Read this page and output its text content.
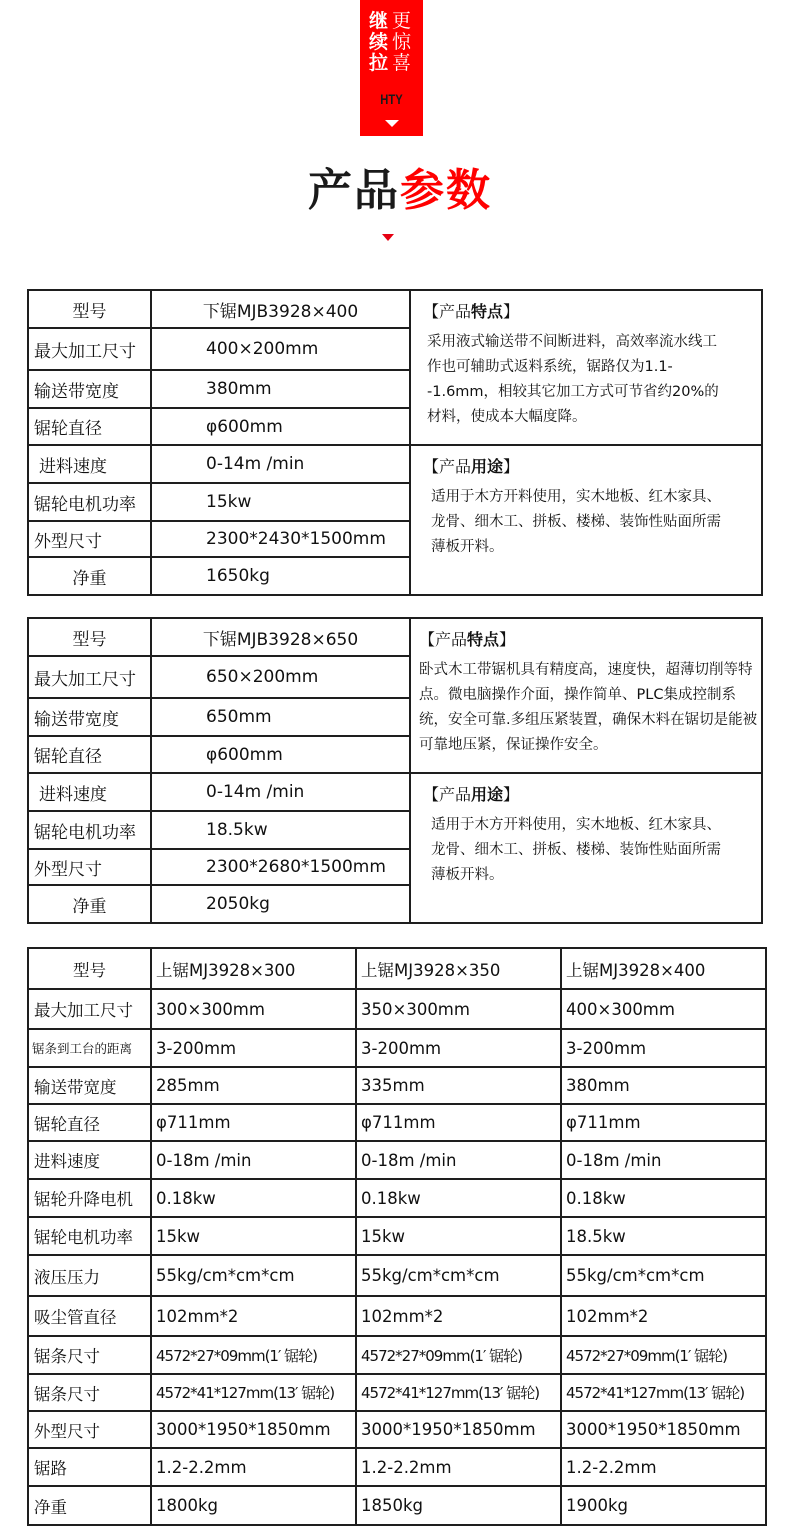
继 更
续 惊
拉 喜
HTY
产品参数
型号	下锯MJB3928×400	【产品特点】
采用液式输送带不间断进料，高效率流水线工作也可辅助式返料系统，锯路仅为1.1--1.6mm，相较其它加工方式可节省约20%的材料，使成本大幅度降。

最大加工尺寸	400×200mm	
输送带宽度	380mm	
锯轮直径	φ600mm	
进料速度	0-14m /min	【产品用途】
适用于木方开料使用，实木地板、红木家具、龙骨、细木工、拼板、楼梯、装饰性贴面所需薄板开料。

锯轮电机功率	15kw	
外型尺寸	2300*2430*1500mm	
净重	1650kg	
型号	下锯MJB3928×650	【产品特点】
卧式木工带锯机具有精度高，速度快，超薄切削等特点。微电脑操作介面，操作简单、PLC集成控制系统，安全可靠.多组压紧装置，确保木料在锯切是能被可靠地压紧，保证操作安全。

最大加工尺寸	650×200mm	
输送带宽度	650mm	
锯轮直径	φ600mm	
进料速度	0-14m /min	【产品用途】
适用于木方开料使用，实木地板、红木家具、龙骨、细木工、拼板、楼梯、装饰性贴面所需薄板开料。

锯轮电机功率	18.5kw	
外型尺寸	2300*2680*1500mm	
净重	2050kg	
型号	上锯MJ3928×300	上锯MJ3928×350	上锯MJ3928×400
最大加工尺寸	300×300mm	350×300mm	400×300mm
锯条到工台的距离	3-200mm	3-200mm	3-200mm
输送带宽度	285mm	335mm	380mm
锯轮直径	φ711mm	φ711mm	φ711mm
进料速度	0-18m /min	0-18m /min	0-18m /min
锯轮升降电机	0.18kw	0.18kw	0.18kw
锯轮电机功率	15kw	15kw	18.5kw
液压压力	55kg/cm*cm*cm	55kg/cm*cm*cm	55kg/cm*cm*cm
吸尘管直径	102mm*2	102mm*2	102mm*2
锯条尺寸	4572*27*09mm(1′ 锯轮)	4572*27*09mm(1′ 锯轮)	4572*27*09mm(1′ 锯轮)
锯条尺寸	4572*41*127mm(13′ 锯轮)	4572*41*127mm(13′ 锯轮)	4572*41*127mm(13′ 锯轮)
外型尺寸	3000*1950*1850mm	3000*1950*1850mm	3000*1950*1850mm
锯路	1.2-2.2mm	1.2-2.2mm	1.2-2.2mm
净重	1800kg	1850kg	1900kg
